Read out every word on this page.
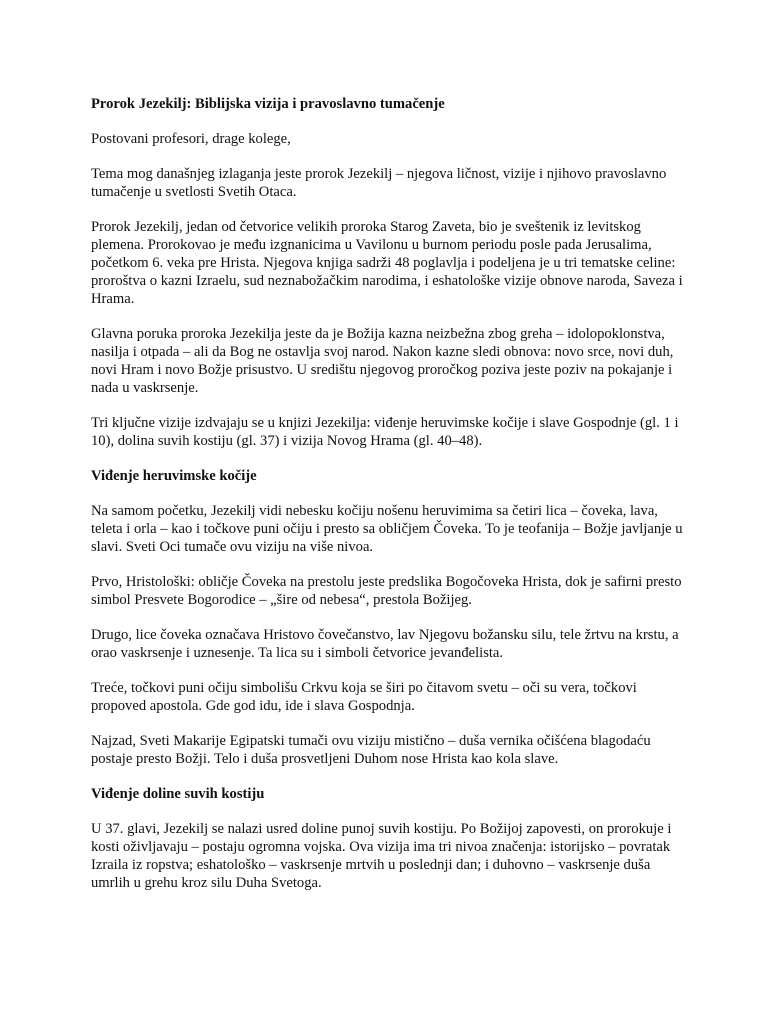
Prorok Jezekilj: Biblijska vizija i pravoslavno tumačenje

Postovani profesori, drage kolege,

Tema mog današnjeg izlaganja jeste prorok Jezekilj – njegova ličnost, vizije i njihovo pravoslavno tumačenje u svetlosti Svetih Otaca.

Prorok Jezekilj, jedan od četvorice velikih proroka Starog Zaveta, bio je sveštenik iz levitskog plemena. Prorokovao je među izgnanicima u Vavilonu u burnom periodu posle pada Jerusalima, početkom 6. veka pre Hrista. Njegova knjiga sadrži 48 poglavlja i podeljena je u tri tematske celine: proroštva o kazni Izraelu, sud neznabožačkim narodima, i eshatološke vizije obnove naroda, Saveza i Hrama.

Glavna poruka proroka Jezekilja jeste da je Božija kazna neizbežna zbog greha – idolopoklonstva, nasilja i otpada – ali da Bog ne ostavlja svoj narod. Nakon kazne sledi obnova: novo srce, novi duh, novi Hram i novo Božje prisustvo. U središtu njegovog proročkog poziva jeste poziv na pokajanje i nada u vaskrsenje.

Tri ključne vizije izdvajaju se u knjizi Jezekilja: viđenje heruvimske kočije i slave Gospodnje (gl. 1 i 10), dolina suvih kostiju (gl. 37) i vizija Novog Hrama (gl. 40–48).

Viđenje heruvimske kočije

Na samom početku, Jezekilj vidi nebesku kočiju nošenu heruvimima sa četiri lica – čoveka, lava, teleta i orla – kao i točkove puni očiju i presto sa obličjem Čoveka. To je teofanija – Božje javljanje u slavi. Sveti Oci tumače ovu viziju na više nivoa.

Prvo, Hristološki: obličje Čoveka na prestolu jeste predslika Bogočoveka Hrista, dok je safirni presto simbol Presvete Bogorodice – „šire od nebesa“, prestola Božijeg.

Drugo, lice čoveka označava Hristovo čovečanstvo, lav Njegovu božansku silu, tele žrtvu na krstu, a orao vaskrsenje i uznesenje. Ta lica su i simboli četvorice jevanđelista.

Treće, točkovi puni očiju simbolišu Crkvu koja se širi po čitavom svetu – oči su vera, točkovi propoved apostola. Gde god idu, ide i slava Gospodnja.

Najzad, Sveti Makarije Egipatski tumači ovu viziju mistično – duša vernika očišćena blagodaću postaje presto Božji. Telo i duša prosvetljeni Duhom nose Hrista kao kola slave.

Viđenje doline suvih kostiju

U 37. glavi, Jezekilj se nalazi usred doline punoj suvih kostiju. Po Božijoj zapovesti, on prorokuje i kosti oživljavaju – postaju ogromna vojska. Ova vizija ima tri nivoa značenja: istorijsko – povratak Izraila iz ropstva; eshatološko – vaskrsenje mrtvih u poslednji dan; i duhovno – vaskrsenje duša umrlih u grehu kroz silu Duha Svetoga.
